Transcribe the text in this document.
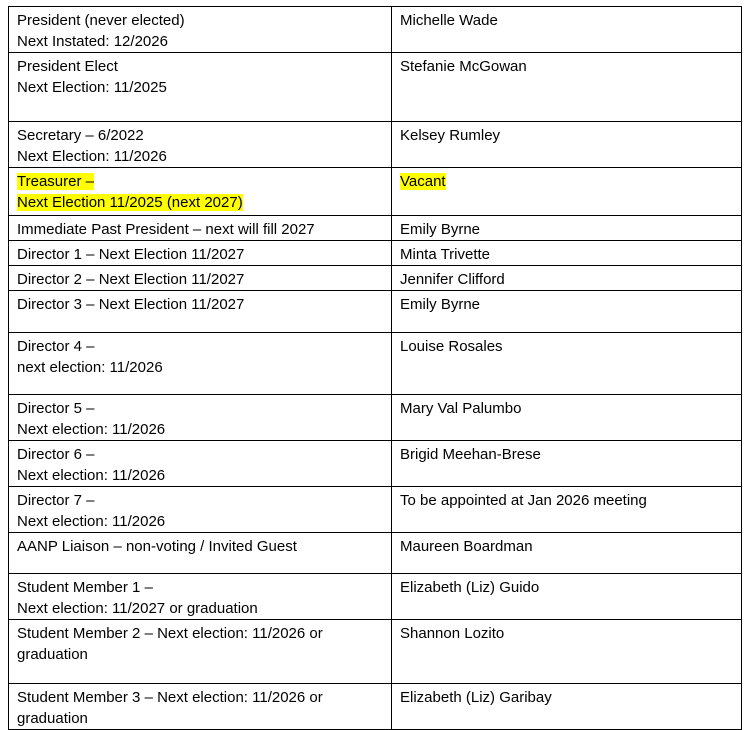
President (never elected)
Next Instated: 12/2026	Michelle Wade

President Elect
Next Election: 11/2025	Stefanie McGowan

Secretary – 6/2022
Next Election: 11/2026	Kelsey Rumley

Treasurer –
Next Election 11/2025 (next 2027)	Vacant

Immediate Past President – next will fill 2027	Emily Byrne

Director 1 – Next Election 11/2027	Minta Trivette

Director 2 – Next Election 11/2027	Jennifer Clifford

Director 3 – Next Election 11/2027	Emily Byrne

Director 4 –
next election: 11/2026	Louise Rosales

Director 5 –
Next election: 11/2026	Mary Val Palumbo

Director 6 –
Next election: 11/2026	Brigid Meehan-Brese

Director 7 –
Next election: 11/2026	To be appointed at Jan 2026 meeting

AANP Liaison – non-voting / Invited Guest	Maureen Boardman

Student Member 1 –
Next election: 11/2027 or graduation	Elizabeth (Liz) Guido

Student Member 2 – Next election: 11/2026 or
graduation	Shannon Lozito

Student Member 3 – Next election: 11/2026 or
graduation	Elizabeth (Liz) Garibay
